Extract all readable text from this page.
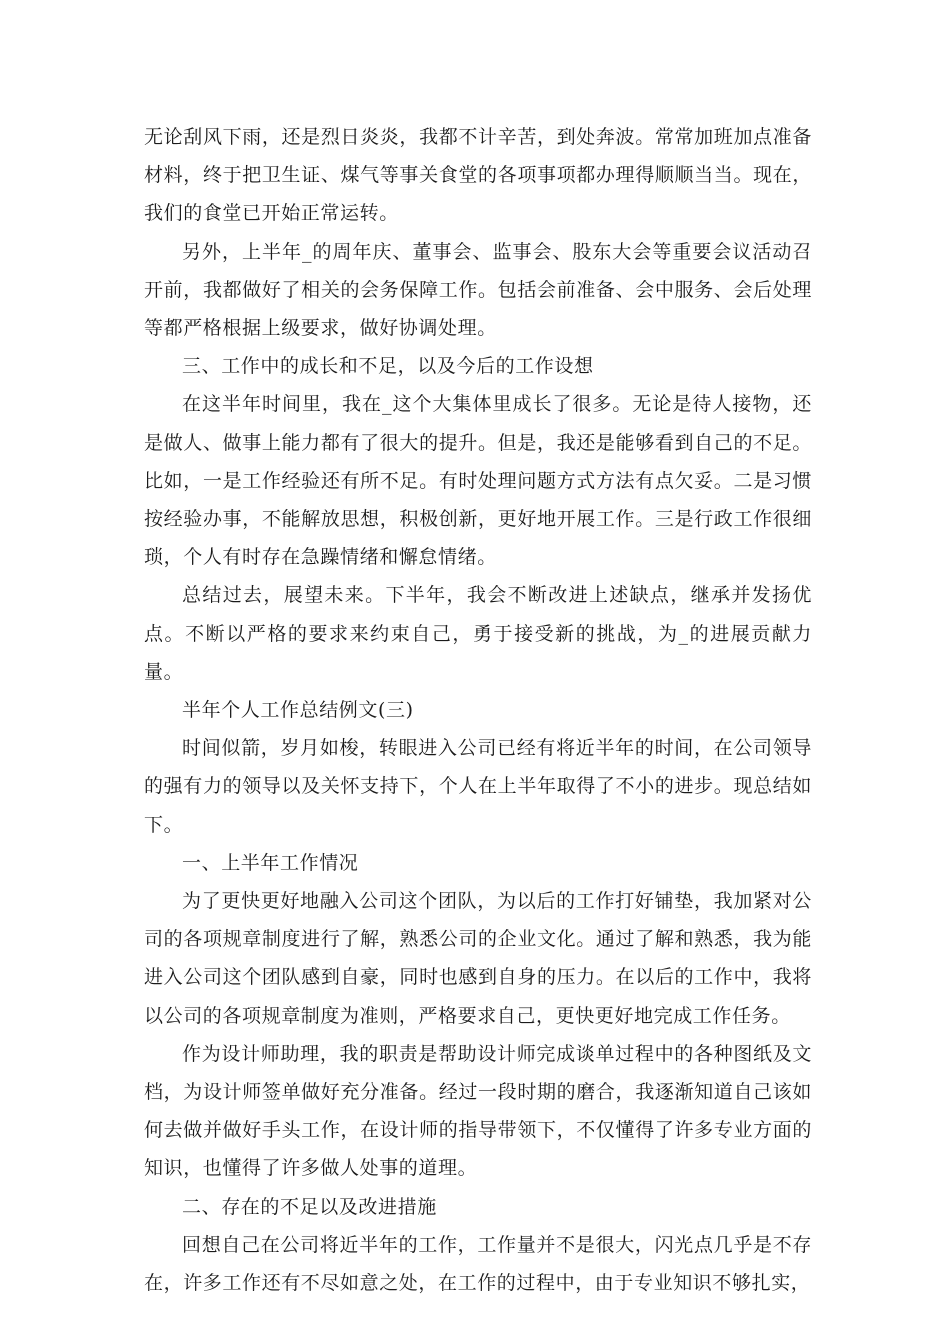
无论刮风下雨，还是烈日炎炎，我都不计辛苦，到处奔波。常常加班加点准备材料，终于把卫生证、煤气等事关食堂的各项事项都办理得顺顺当当。现在，我们的食堂已开始正常运转。

另外，上半年_的周年庆、董事会、监事会、股东大会等重要会议活动召开前，我都做好了相关的会务保障工作。包括会前准备、会中服务、会后处理等都严格根据上级要求，做好协调处理。

三、工作中的成长和不足，以及今后的工作设想

在这半年时间里，我在_这个大集体里成长了很多。无论是待人接物，还是做人、做事上能力都有了很大的提升。但是，我还是能够看到自己的不足。比如，一是工作经验还有所不足。有时处理问题方式方法有点欠妥。二是习惯按经验办事，不能解放思想，积极创新，更好地开展工作。三是行政工作很细琐，个人有时存在急躁情绪和懈怠情绪。

总结过去，展望未来。下半年，我会不断改进上述缺点，继承并发扬优点。不断以严格的要求来约束自己，勇于接受新的挑战，为_的进展贡献力量。

半年个人工作总结例文(三)

时间似箭，岁月如梭，转眼进入公司已经有将近半年的时间，在公司领导的强有力的领导以及关怀支持下，个人在上半年取得了不小的进步。现总结如下。

一、上半年工作情况

为了更快更好地融入公司这个团队，为以后的工作打好铺垫，我加紧对公司的各项规章制度进行了解，熟悉公司的企业文化。通过了解和熟悉，我为能进入公司这个团队感到自豪，同时也感到自身的压力。在以后的工作中，我将以公司的各项规章制度为准则，严格要求自己，更快更好地完成工作任务。

作为设计师助理，我的职责是帮助设计师完成谈单过程中的各种图纸及文档，为设计师签单做好充分准备。经过一段时期的磨合，我逐渐知道自己该如何去做并做好手头工作，在设计师的指导带领下，不仅懂得了许多专业方面的知识，也懂得了许多做人处事的道理。

二、存在的不足以及改进措施

回想自己在公司将近半年的工作，工作量并不是很大，闪光点几乎是不存在，许多工作还有不尽如意之处，在工作的过程中，由于专业知识不够扎实，
